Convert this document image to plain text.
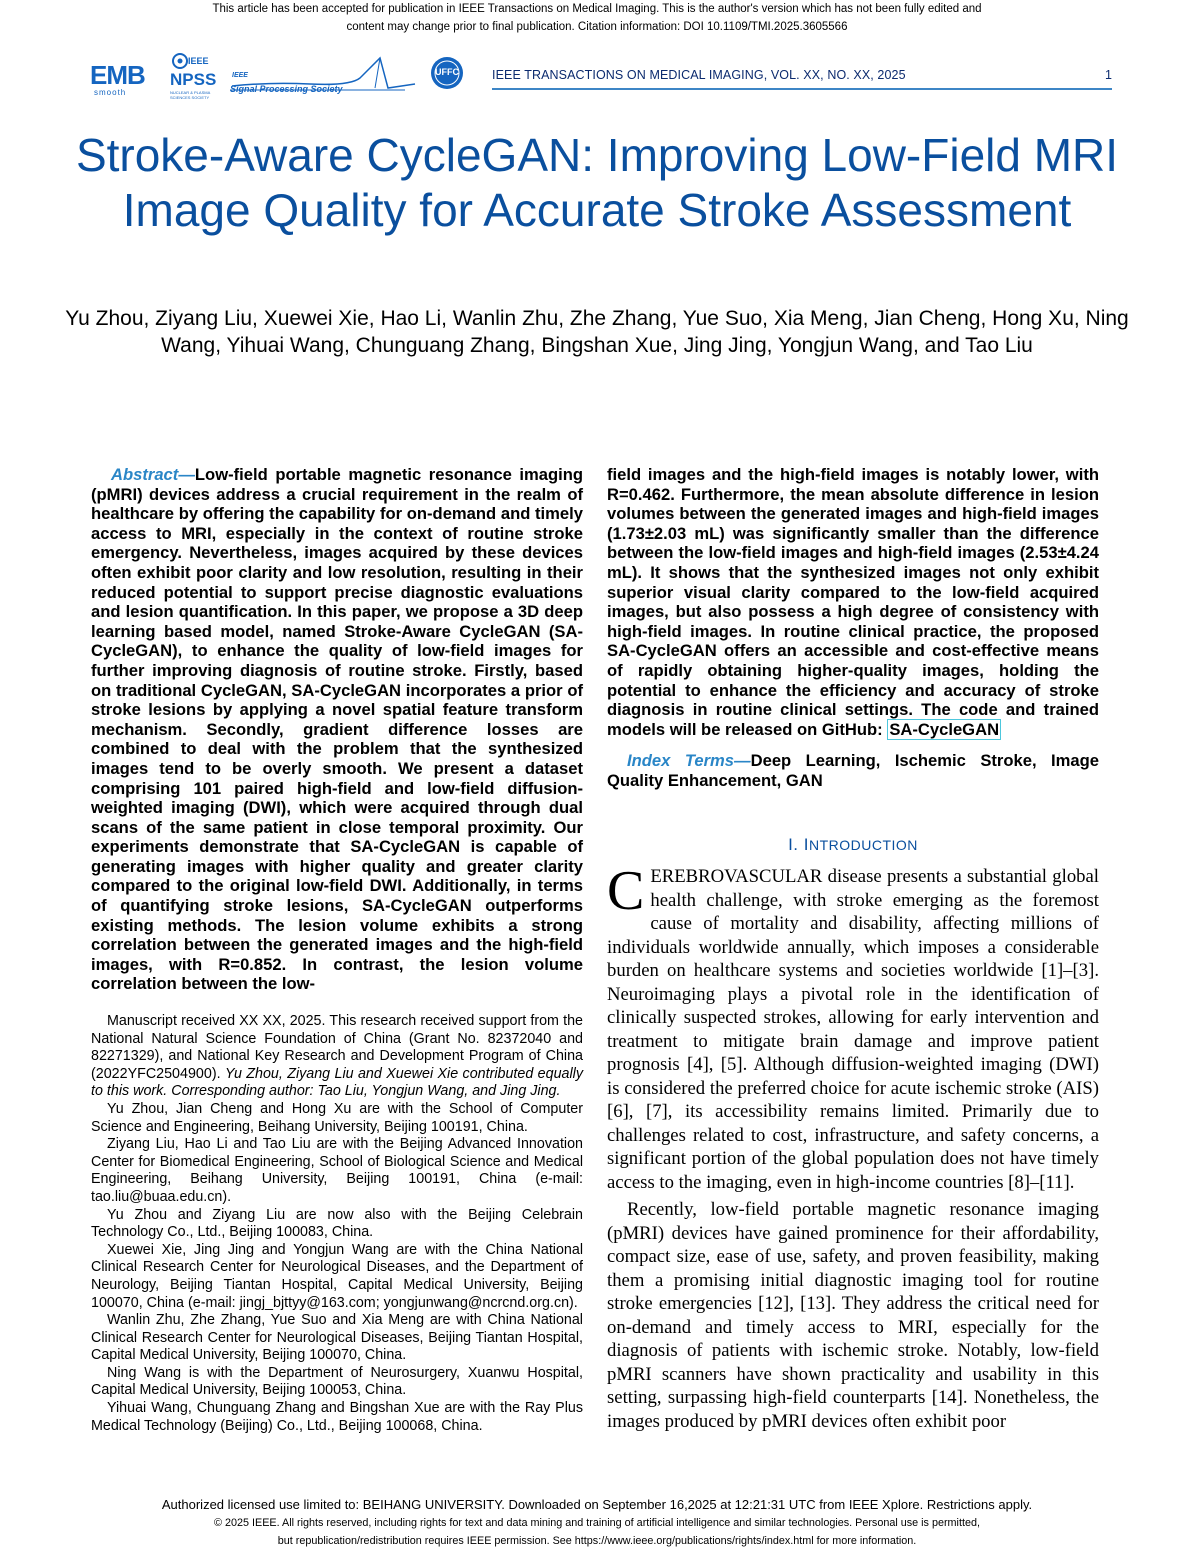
This article has been accepted for publication in IEEE Transactions on Medical Imaging. This is the author's version which has not been fully edited and
content may change prior to final publication. Citation information: DOI 10.1109/TMI.2025.3605566
EMB
smooth
IEEE
NPSS
NUCLEAR & PLASMA SCIENCES SOCIETY
IEEE
Signal Processing Society
UFFC	IEEE TRANSACTIONS ON MEDICAL IMAGING, VOL. XX, NO. XX, 2025	1
Stroke-Aware CycleGAN: Improving Low-Field MRI Image Quality for Accurate Stroke Assessment
Yu Zhou, Ziyang Liu, Xuewei Xie, Hao Li, Wanlin Zhu, Zhe Zhang, Yue Suo, Xia Meng, Jian Cheng, Hong Xu, Ning Wang, Yihuai Wang, Chunguang Zhang, Bingshan Xue, Jing Jing, Yongjun Wang, and Tao Liu
Abstract—Low-field portable magnetic resonance imaging (pMRI) devices address a crucial requirement in the realm of healthcare by offering the capability for on-demand and timely access to MRI, especially in the context of routine stroke emergency. Nevertheless, images acquired by these devices often exhibit poor clarity and low resolution, resulting in their reduced potential to support precise diagnostic evaluations and lesion quantification. In this paper, we propose a 3D deep learning based model, named Stroke-Aware CycleGAN (SA-CycleGAN), to enhance the quality of low-field images for further improving diagnosis of routine stroke. Firstly, based on traditional CycleGAN, SA-CycleGAN incorporates a prior of stroke lesions by applying a novel spatial feature transform mechanism. Secondly, gradient difference losses are combined to deal with the problem that the synthesized images tend to be overly smooth. We present a dataset comprising 101 paired high-field and low-field diffusion-weighted imaging (DWI), which were acquired through dual scans of the same patient in close temporal proximity. Our experiments demonstrate that SA-CycleGAN is capable of generating images with higher quality and greater clarity compared to the original low-field DWI. Additionally, in terms of quantifying stroke lesions, SA-CycleGAN outperforms existing methods. The lesion volume exhibits a strong correlation between the generated images and the high-field images, with R=0.852. In contrast, the lesion volume correlation between the low-

Manuscript received XX XX, 2025. This research received support from the National Natural Science Foundation of China (Grant No. 82372040 and 82271329), and National Key Research and Development Program of China (2022YFC2504900). Yu Zhou, Ziyang Liu and Xuewei Xie contributed equally to this work. Corresponding author: Tao Liu, Yongjun Wang, and Jing Jing.

Yu Zhou, Jian Cheng and Hong Xu are with the School of Computer Science and Engineering, Beihang University, Beijing 100191, China.

Ziyang Liu, Hao Li and Tao Liu are with the Beijing Advanced Innovation Center for Biomedical Engineering, School of Biological Science and Medical Engineering, Beihang University, Beijing 100191, China (e-mail: tao.liu@buaa.edu.cn).

Yu Zhou and Ziyang Liu are now also with the Beijing Celebrain Technology Co., Ltd., Beijing 100083, China.

Xuewei Xie, Jing Jing and Yongjun Wang are with the China National Clinical Research Center for Neurological Diseases, and the Department of Neurology, Beijing Tiantan Hospital, Capital Medical University, Beijing 100070, China (e-mail: jingj_bjttyy@163.com; yongjunwang@ncrcnd.org.cn).

Wanlin Zhu, Zhe Zhang, Yue Suo and Xia Meng are with China National Clinical Research Center for Neurological Diseases, Beijing Tiantan Hospital, Capital Medical University, Beijing 100070, China.

Ning Wang is with the Department of Neurosurgery, Xuanwu Hospital, Capital Medical University, Beijing 100053, China.

Yihuai Wang, Chunguang Zhang and Bingshan Xue are with the Ray Plus Medical Technology (Beijing) Co., Ltd., Beijing 100068, China.

field images and the high-field images is notably lower, with R=0.462. Furthermore, the mean absolute difference in lesion volumes between the generated images and high-field images (1.73±2.03 mL) was significantly smaller than the difference between the low-field images and high-field images (2.53±4.24 mL). It shows that the synthesized images not only exhibit superior visual clarity compared to the low-field acquired images, but also possess a high degree of consistency with high-field images. In routine clinical practice, the proposed SA-CycleGAN offers an accessible and cost-effective means of rapidly obtaining higher-quality images, holding the potential to enhance the efficiency and accuracy of stroke diagnosis in routine clinical settings. The code and trained models will be released on GitHub: SA-CycleGAN
Index Terms—Deep Learning, Ischemic Stroke, Image Quality Enhancement, GAN
I. INTRODUCTION

CEREBROVASCULAR disease presents a substantial global health challenge, with stroke emerging as the foremost cause of mortality and disability, affecting millions of individuals worldwide annually, which imposes a considerable burden on healthcare systems and societies worldwide [1]–[3]. Neuroimaging plays a pivotal role in the identification of clinically suspected strokes, allowing for early intervention and treatment to mitigate brain damage and improve patient prognosis [4], [5]. Although diffusion-weighted imaging (DWI) is considered the preferred choice for acute ischemic stroke (AIS) [6], [7], its accessibility remains limited. Primarily due to challenges related to cost, infrastructure, and safety concerns, a significant portion of the global population does not have timely access to the imaging, even in high-income countries [8]–[11].

Recently, low-field portable magnetic resonance imaging (pMRI) devices have gained prominence for their affordability, compact size, ease of use, safety, and proven feasibility, making them a promising initial diagnostic imaging tool for routine stroke emergencies [12], [13]. They address the critical need for on-demand and timely access to MRI, especially for the diagnosis of patients with ischemic stroke. Notably, low-field pMRI scanners have shown practicality and usability in this setting, surpassing high-field counterparts [14]. Nonetheless, the images produced by pMRI devices often exhibit poor

Authorized licensed use limited to: BEIHANG UNIVERSITY. Downloaded on September 16,2025 at 12:21:31 UTC from IEEE Xplore. Restrictions apply.
© 2025 IEEE. All rights reserved, including rights for text and data mining and training of artificial intelligence and similar technologies. Personal use is permitted,
but republication/redistribution requires IEEE permission. See https://www.ieee.org/publications/rights/index.html for more information.
